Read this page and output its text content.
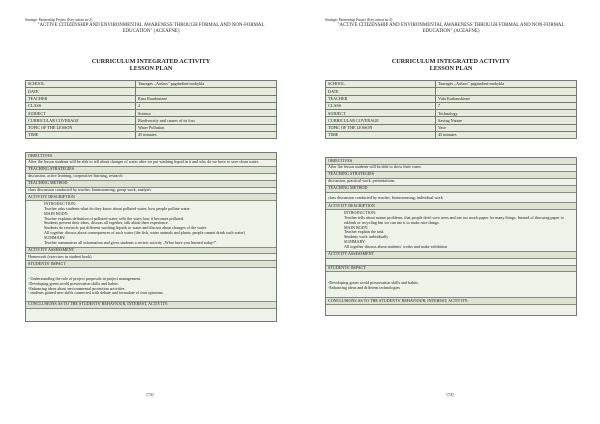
Strategic Partnership Project (Key action no 2)
"ACTIVE CITIZENSHIP AND ENVIRONMENTAL AWARENESS THROUGH FORMAL AND NON-FORMAL EDUCATION" (ACEAFNE)
CURRICULUM INTEGRATED ACTIVITY
LESSON PLAN
SCHOOL	Tauragės „Aušros" pagrindinė mokykla
DATE	
TEACHER	Rasa Raudonienė
CLASS	2
SUBJECT	Science
CURRICULAR COVERAGE	Biodiversity and causes of its loss
TOPIC OF THE LESSON	Water Pollution
TIME	45 minutes
OBJECTIVES
After the lesson students will be able to tell about changes of water after we put washing liquid in it and why do we have to save clean water.
TEACHING STRATEGIES
discussion, active learning, cooperative learning, research
TEACHING METHOD
class discussion conducted by teacher, brainstorming, group work, analysis
ACTIVITY DESCRIPTION

INTRODUCTION:

Teacher asks students what do they know about polluted water, how people pollute water.

MAIN BODY:

Teacher explains definition of polluted water, tells the ways how it becomes polluted.

Students present their ideas, discuss all together, talk about their experience.

Students do research: put different washing liquids to water and discuss about changes of the water.

All together discuss about consequences of such water (the fish, water animals and plants, people cannot drink such water)

SUMMARY:

Teacher summarises all information and gives students a review activity „What have you learned today?".

ACTIVITY ASSESSMENT
Homework (exercises in student book)
STUDENTS' IMPACT

- Understanding the role of project proposals in project management.

-Developing green world preservation skills and habits.

-Enhancing ideas about environmental protection activities.

- students gained new skills connected with debate and formulate of own opinions;

CONCLUSIONS AS TO THE STUDENTS' BEHAVIOUR, INTEREST, ACTIVITY:
[73]
Strategic Partnership Project (Key action no 2)
"ACTIVE CITIZENSHIP AND ENVIRONMENTAL AWARENESS THROUGH FORMAL AND NON-FORMAL EDUCATION" (ACEAFNE)
CURRICULUM INTEGRATED ACTIVITY
LESSON PLAN
SCHOOL	Tauragės „Aušros" pagrindinė mokykla
DATE	
TEACHER	Vida Karbauskienė
CLASS	7
SUBJECT	Technology
CURRICULAR COVERAGE	Saving Nature
TOPIC OF THE LESSON	Vase
TIME	45 minutes
OBJECTIVES
After the lesson students will be able to show their vases
TEACHING STRATEGIES
discussion, practical work, presentations.
TEACHING METHOD
class discussion conducted by teacher, brainstorming, individual work
ACTIVITY DESCRIPTION

INTRODUCTION:

Teacher tells about nature problems, that people don't save trees and use too much paper for many things. Instead of throwing paper to rubbish or recycling bin we can use it to make nice things.

MAIN BODY:

Teacher explain the task

Students work individually

SUMMARY:

All together discuss about students' works and make exhibition

ACTIVITY ASSESSMENT
STUDENTS' IMPACT

-Developing green world preservation skills and habits.

-Enhancing ideas and different technologies

CONCLUSIONS AS TO THE STUDENTS' BEHAVIOUR, INTEREST, ACTIVITY:
[74]
